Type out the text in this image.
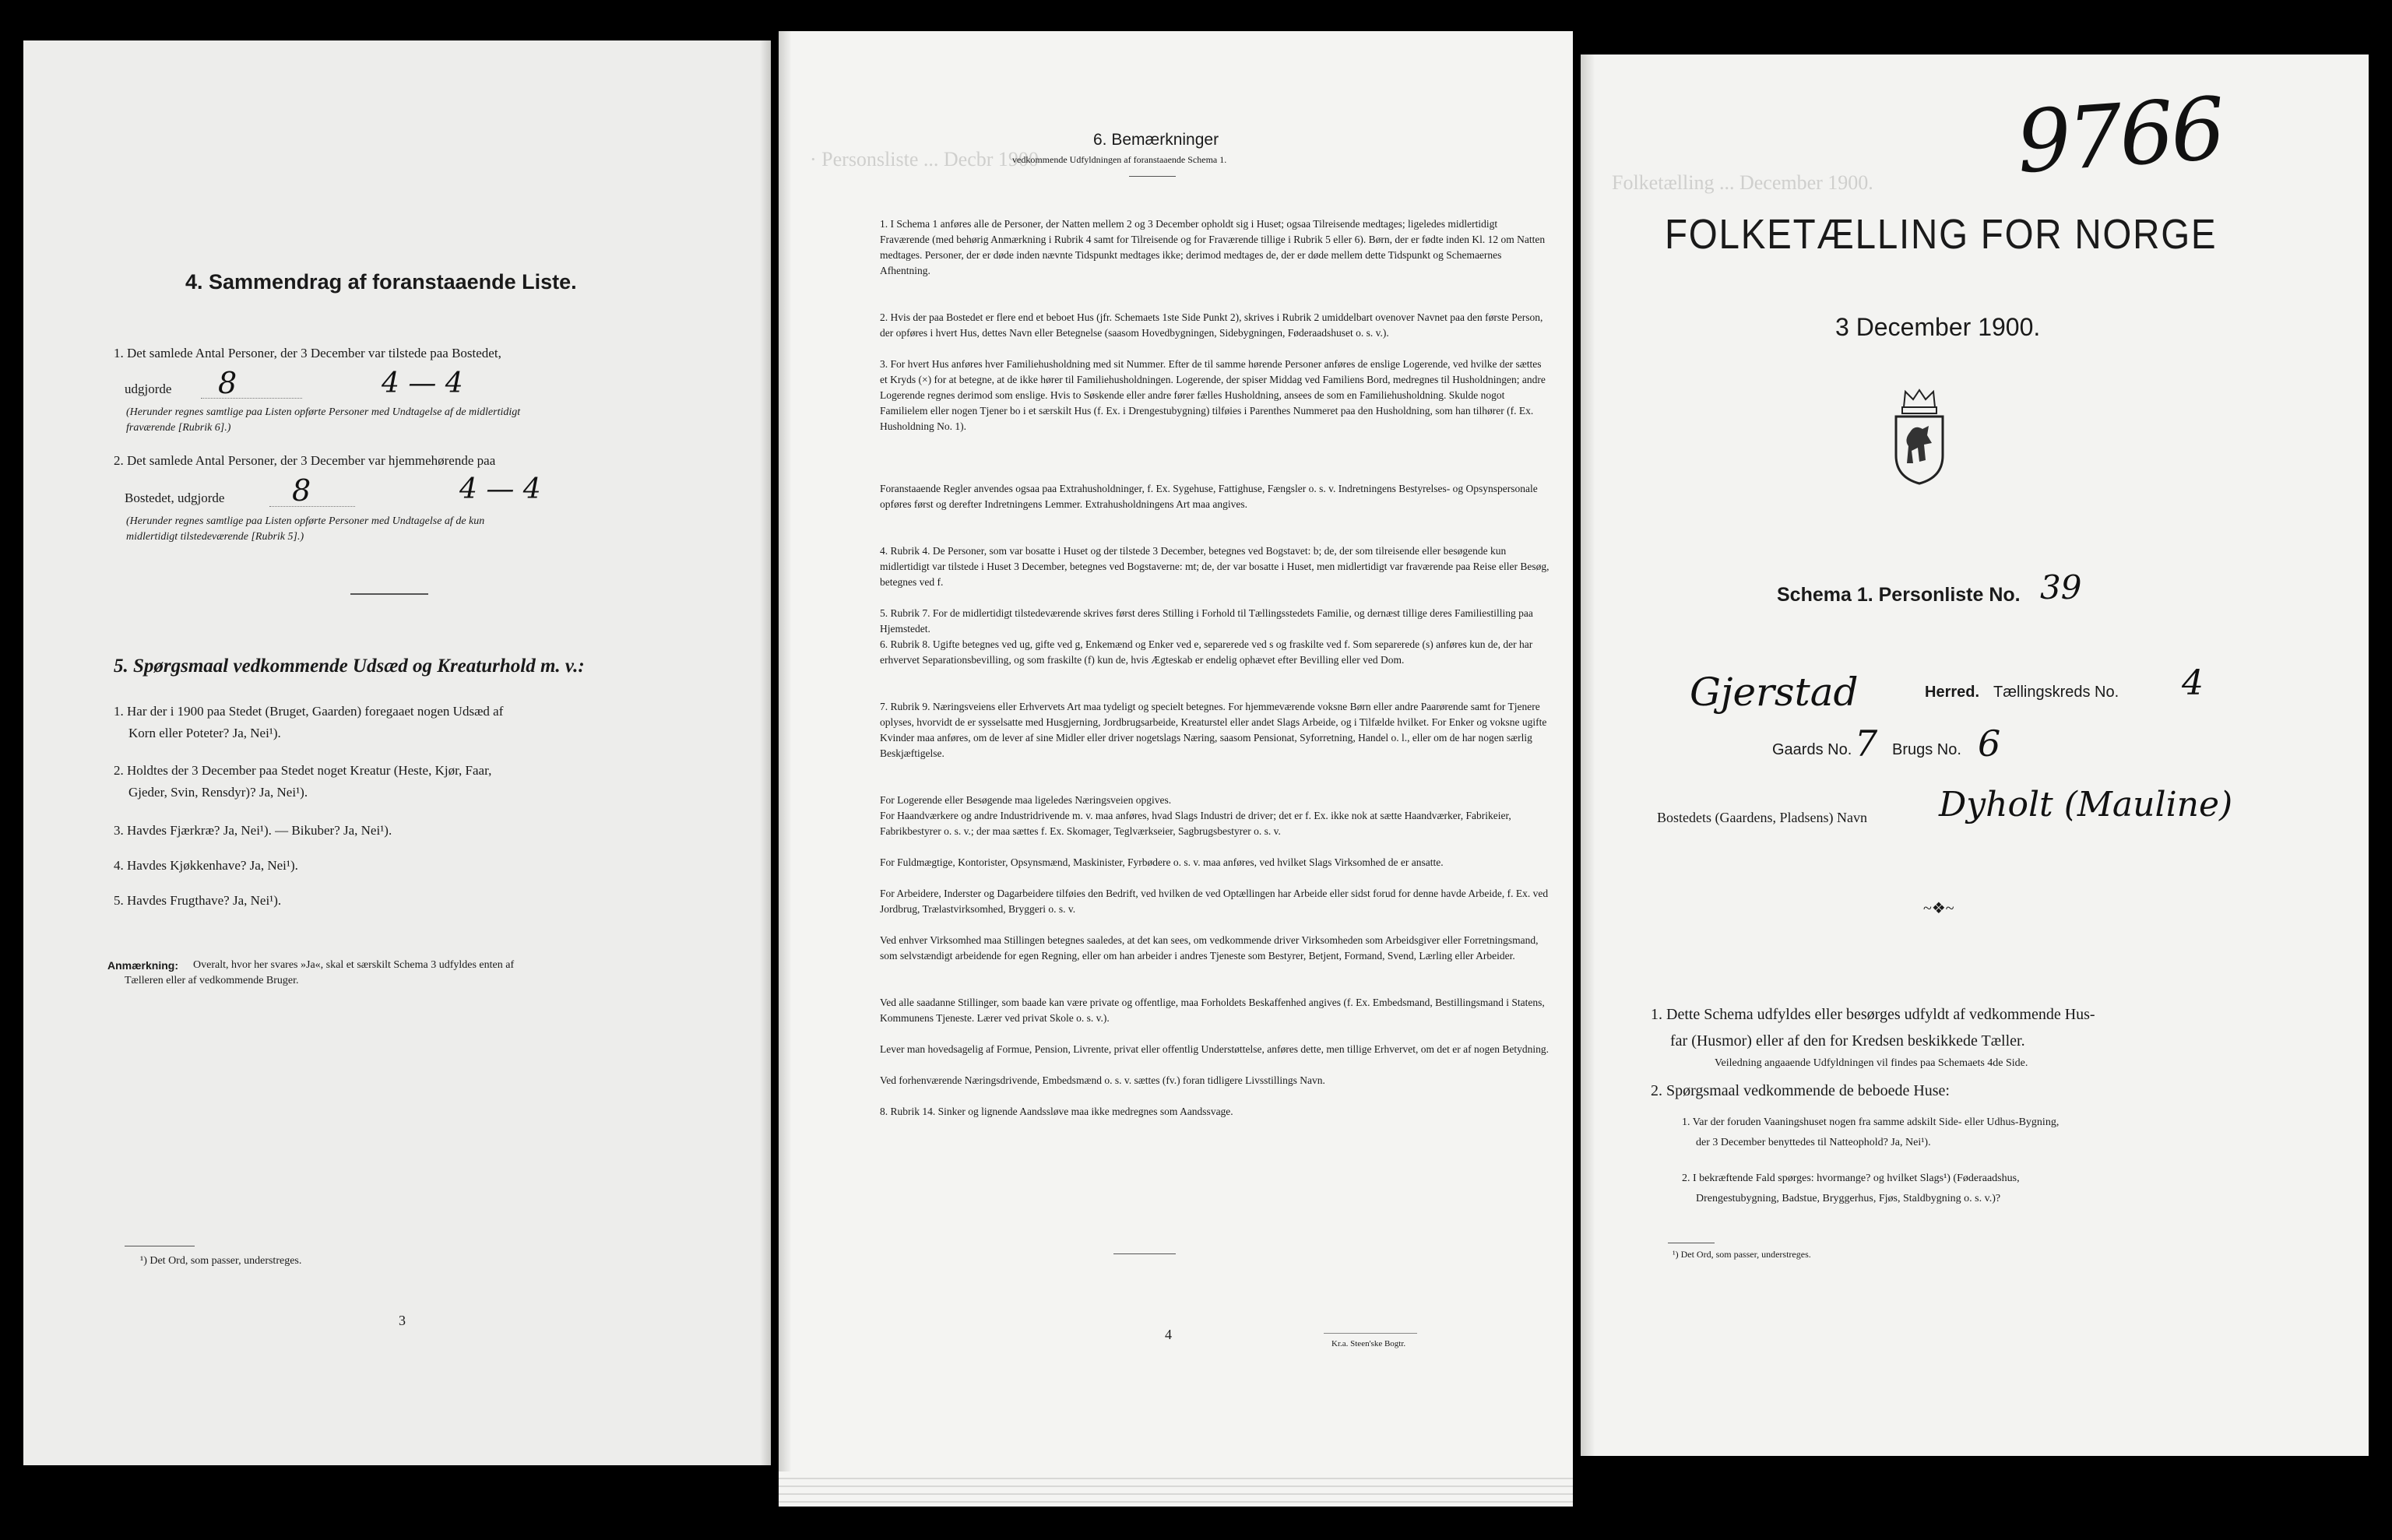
4. Sammendrag af foranstaaende Liste.
1. Det samlede Antal Personer, der 3 December var tilstede paa Bostedet,
udgjorde 8	4 — 4
(Herunder regnes samtlige paa Listen opførte Personer med Undtagelse af de midlertidigt
fraværende [Rubrik 6].)
2. Det samlede Antal Personer, der 3 December var hjemmehørende paa
Bostedet, udgjorde 8	4 — 4
(Herunder regnes samtlige paa Listen opførte Personer med Undtagelse af de kun
midlertidigt tilstedeværende [Rubrik 5].)
5. Spørgsmaal vedkommende Udsæd og Kreaturhold m. v.:
1. Har der i 1900 paa Stedet (Bruget, Gaarden) foregaaet nogen Udsæd af
Korn eller Poteter? Ja, Nei¹).
2. Holdtes der 3 December paa Stedet noget Kreatur (Heste, Kjør, Faar,
Gjeder, Svin, Rensdyr)? Ja, Nei¹).
3. Havdes Fjærkræ? Ja, Nei¹). — Bikuber? Ja, Nei¹).
4. Havdes Kjøkkenhave? Ja, Nei¹).
5. Havdes Frugthave? Ja, Nei¹).
Anmærkning: Overalt, hvor her svares »Ja«, skal et særskilt Schema 3 udfyldes enten af
Tælleren eller af vedkommende Bruger.
¹) Det Ord, som passer, understreges.
3
· Personsliste ... Decbr 1900
6. Bemærkninger
vedkommende Udfyldningen af foranstaaende Schema 1.
1. I Schema 1 anføres alle de Personer, der Natten mellem 2 og 3 December opholdt sig i Huset; ogsaa Tilreisende medtages; ligeledes midlertidigt Fraværende (med behørig Anmærkning i Rubrik 4 samt for Tilreisende og for Fraværende tillige i Rubrik 5 eller 6). Børn, der er fødte inden Kl. 12 om Natten medtages. Personer, der er døde inden nævnte Tidspunkt medtages ikke; derimod medtages de, der er døde mellem dette Tidspunkt og Schemaernes Afhentning.
2. Hvis der paa Bostedet er flere end et beboet Hus (jfr. Schemaets 1ste Side Punkt 2), skrives i Rubrik 2 umiddelbart ovenover Navnet paa den første Person, der opføres i hvert Hus, dettes Navn eller Betegnelse (saasom Hovedbygningen, Sidebygningen, Føderaadshuset o. s. v.).
3. For hvert Hus anføres hver Familiehusholdning med sit Nummer. Efter de til samme hørende Personer anføres de enslige Logerende, ved hvilke der sættes et Kryds (×) for at betegne, at de ikke hører til Familiehusholdningen. Logerende, der spiser Middag ved Familiens Bord, medregnes til Husholdningen; andre Logerende regnes derimod som enslige. Hvis to Søskende eller andre fører fælles Husholdning, ansees de som en Familiehusholdning. Skulde nogot Familielem eller nogen Tjener bo i et særskilt Hus (f. Ex. i Drengestubygning) tilføies i Parenthes Nummeret paa den Husholdning, som han tilhører (f. Ex. Husholdning No. 1).
Foranstaaende Regler anvendes ogsaa paa Extrahusholdninger, f. Ex. Sygehuse, Fattighuse, Fængsler o. s. v. Indretningens Bestyrelses- og Opsynspersonale opføres først og derefter Indretningens Lemmer. Extrahusholdningens Art maa angives.
4. Rubrik 4. De Personer, som var bosatte i Huset og der tilstede 3 December, betegnes ved Bogstavet: b; de, der som tilreisende eller besøgende kun midlertidigt var tilstede i Huset 3 December, betegnes ved Bogstaverne: mt; de, der var bosatte i Huset, men midlertidigt var fraværende paa Reise eller Besøg, betegnes ved f.
5. Rubrik 7. For de midlertidigt tilstedeværende skrives først deres Stilling i Forhold til Tællingsstedets Familie, og dernæst tillige deres Familiestilling paa Hjemstedet.
6. Rubrik 8. Ugifte betegnes ved ug, gifte ved g, Enkemænd og Enker ved e, separerede ved s og fraskilte ved f. Som separerede (s) anføres kun de, der har erhvervet Separationsbevilling, og som fraskilte (f) kun de, hvis Ægteskab er endelig ophævet efter Bevilling eller ved Dom.
7. Rubrik 9. Næringsveiens eller Erhvervets Art maa tydeligt og specielt betegnes. For hjemmeværende voksne Børn eller andre Paarørende samt for Tjenere oplyses, hvorvidt de er sysselsatte med Husgjerning, Jordbrugsarbeide, Kreaturstel eller andet Slags Arbeide, og i Tilfælde hvilket. For Enker og voksne ugifte Kvinder maa anføres, om de lever af sine Midler eller driver nogetslags Næring, saasom Pensionat, Syforretning, Handel o. l., eller om de har nogen særlig Beskjæftigelse.
For Logerende eller Besøgende maa ligeledes Næringsveien opgives.
For Haandværkere og andre Industridrivende m. v. maa anføres, hvad Slags Industri de driver; det er f. Ex. ikke nok at sætte Haandværker, Fabrikeier, Fabrikbestyrer o. s. v.; der maa sættes f. Ex. Skomager, Teglværkseier, Sagbrugsbestyrer o. s. v.
For Fuldmægtige, Kontorister, Opsynsmænd, Maskinister, Fyrbødere o. s. v. maa anføres, ved hvilket Slags Virksomhed de er ansatte.
For Arbeidere, Inderster og Dagarbeidere tilføies den Bedrift, ved hvilken de ved Optællingen har Arbeide eller sidst forud for denne havde Arbeide, f. Ex. ved Jordbrug, Trælastvirksomhed, Bryggeri o. s. v.
Ved enhver Virksomhed maa Stillingen betegnes saaledes, at det kan sees, om vedkommende driver Virksomheden som Arbeidsgiver eller Forretningsmand, som selvstændigt arbeidende for egen Regning, eller om han arbeider i andres Tjeneste som Bestyrer, Betjent, Formand, Svend, Lærling eller Arbeider.
Ved alle saadanne Stillinger, som baade kan være private og offentlige, maa Forholdets Beskaffenhed angives (f. Ex. Embedsmand, Bestillingsmand i Statens, Kommunens Tjeneste. Lærer ved privat Skole o. s. v.).
Lever man hovedsagelig af Formue, Pension, Livrente, privat eller offentlig Understøttelse, anføres dette, men tillige Erhvervet, om det er af nogen Betydning.
Ved forhenværende Næringsdrivende, Embedsmænd o. s. v. sættes (fv.) foran tidligere Livsstillings Navn.
8. Rubrik 14. Sinker og lignende Aandssløve maa ikke medregnes som Aandssvage.
4
Kr.a. Steen'ske Bogtr.
Folketælling ... December 1900. 9766
FOLKETÆLLING FOR NORGE
3 December 1900.
Schema 1. Personliste No. 39
Gjerstad	Herred. Tællingskreds No. 4
Gaards No. 7 Brugs No. 6
Bostedets (Gaardens, Pladsens) Navn Dyholt (Mauline)
~❖~
1. Dette Schema udfyldes eller besørges udfyldt af vedkommende Hus-
far (Husmor) eller af den for Kredsen beskikkede Tæller.
Veiledning angaaende Udfyldningen vil findes paa Schemaets 4de Side.
2. Spørgsmaal vedkommende de beboede Huse:
1. Var der foruden Vaaningshuset nogen fra samme adskilt Side- eller Udhus-Bygning,
der 3 December benyttedes til Natteophold? Ja, Nei¹).
2. I bekræftende Fald spørges: hvormange? og hvilket Slags¹) (Føderaadshus,
Drengestubygning, Badstue, Bryggerhus, Fjøs, Staldbygning o. s. v.)?
¹) Det Ord, som passer, understreges.
